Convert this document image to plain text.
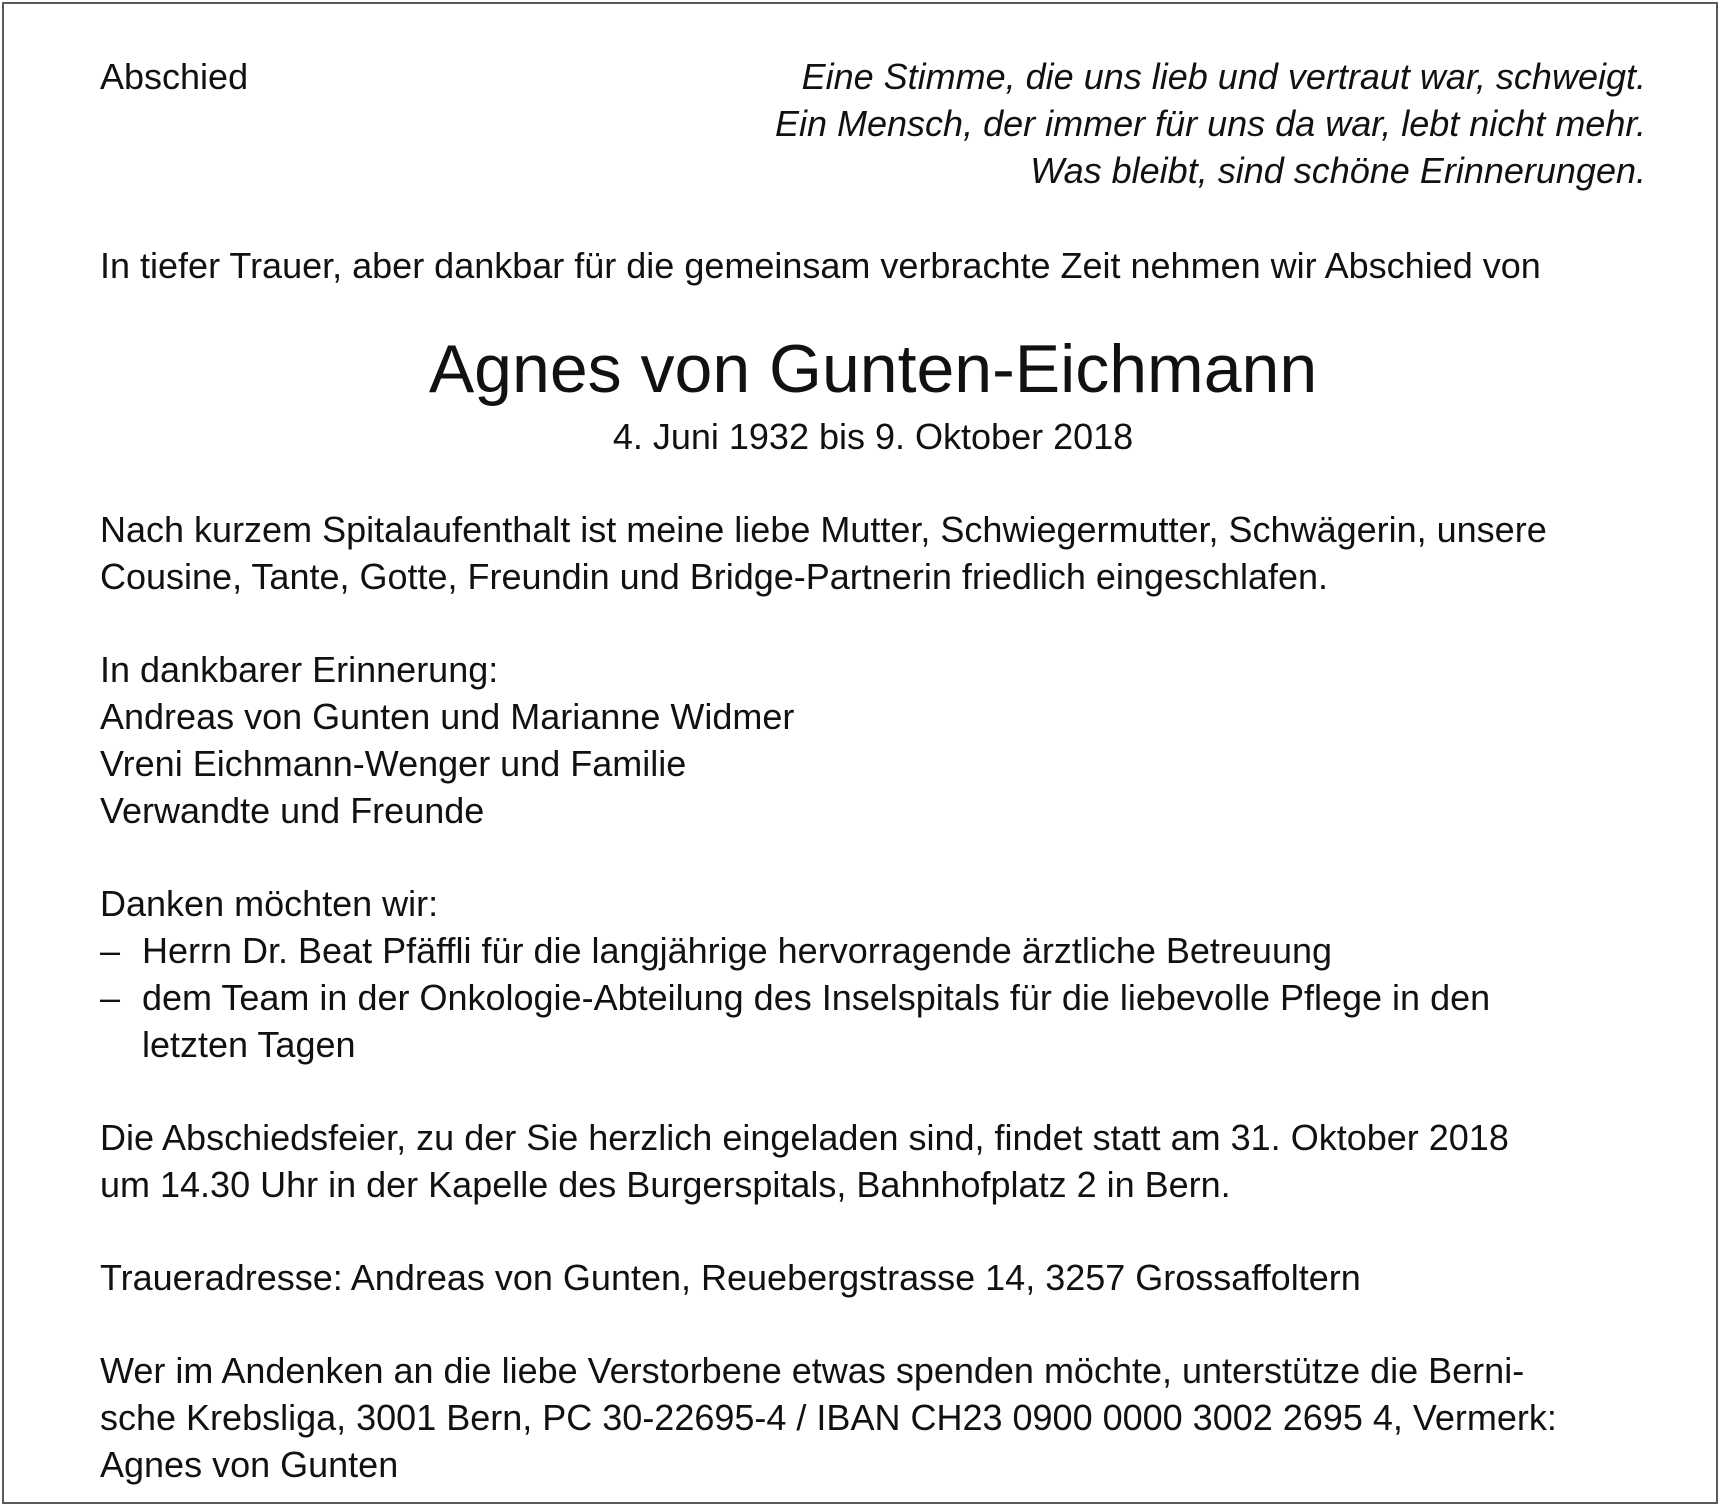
Abschied	Eine Stimme, die uns lieb und vertraut war, schweigt.
Ein Mensch, der immer für uns da war, lebt nicht mehr.
Was bleibt, sind schöne Erinnerungen.
In tiefer Trauer, aber dankbar für die gemeinsam verbrachte Zeit nehmen wir Abschied von
Agnes von Gunten-Eichmann
4. Juni 1932 bis 9. Oktober 2018
Nach kurzem Spitalaufenthalt ist meine liebe Mutter, Schwiegermutter, Schwägerin, unsere
Cousine, Tante, Gotte, Freundin und Bridge-Partnerin friedlich eingeschlafen.
In dankbarer Erinnerung:
Andreas von Gunten und Marianne Widmer
Vreni Eichmann-Wenger und Familie
Verwandte und Freunde
Danken möchten wir:
– Herrn Dr. Beat Pfäffli für die langjährige hervorragende ärztliche Betreuung
– dem Team in der Onkologie-Abteilung des Inselspitals für die liebevolle Pflege in den
letzten Tagen
Die Abschiedsfeier, zu der Sie herzlich eingeladen sind, findet statt am 31. Oktober 2018
um 14.30 Uhr in der Kapelle des Burgerspitals, Bahnhofplatz 2 in Bern.
Traueradresse: Andreas von Gunten, Reuebergstrasse 14, 3257 Grossaffoltern
Wer im Andenken an die liebe Verstorbene etwas spenden möchte, unterstütze die Berni-
sche Krebsliga, 3001 Bern, PC 30-22695-4 / IBAN CH23 0900 0000 3002 2695 4, Vermerk:
Agnes von Gunten
